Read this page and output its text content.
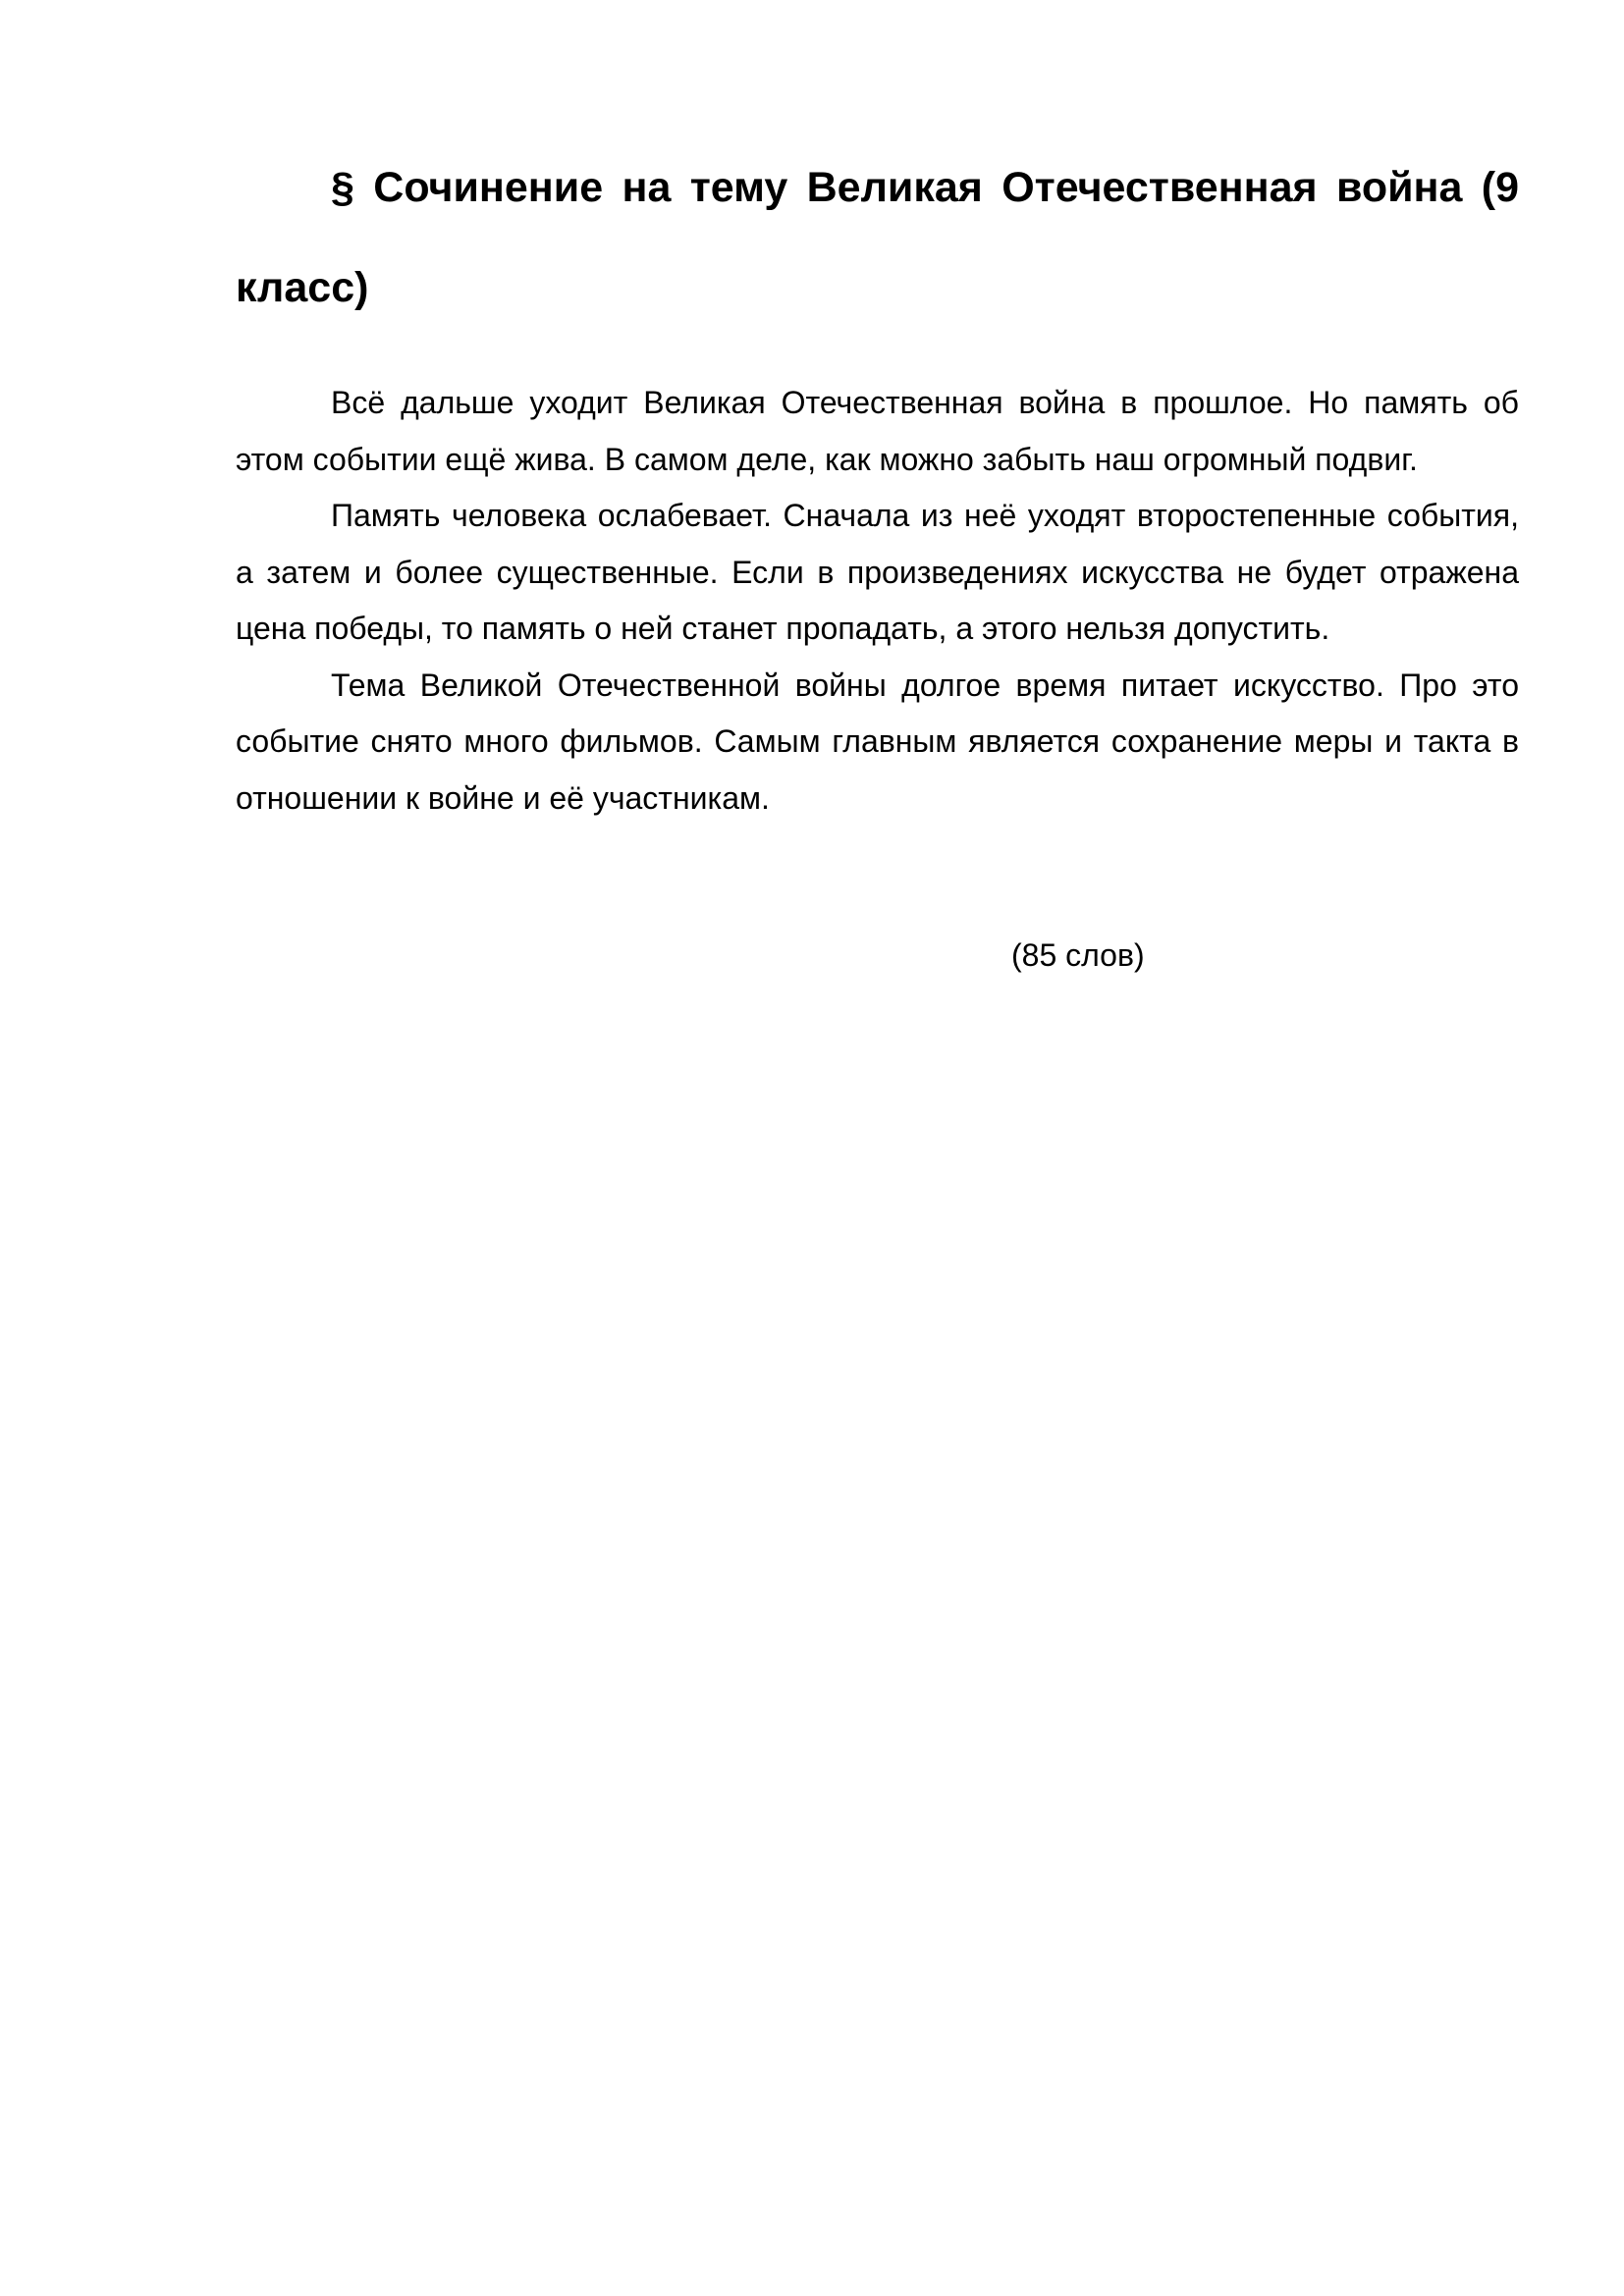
§ Сочинение на тему Великая Отечественная война (9 класс)

Всё дальше уходит Великая Отечественная война в прошлое. Но память об этом событии ещё жива. В самом деле, как можно забыть наш огромный подвиг.

Память человека ослабевает. Сначала из неё уходят второстепенные события, а затем и более существенные. Если в произведениях искусства не будет отражена цена победы, то память о ней станет пропадать, а этого нельзя допустить.

Тема Великой Отечественной войны долгое время питает искусство. Про это событие снято много фильмов. Самым главным является сохранение меры и такта в отношении к войне и её участникам.

(85 слов)
